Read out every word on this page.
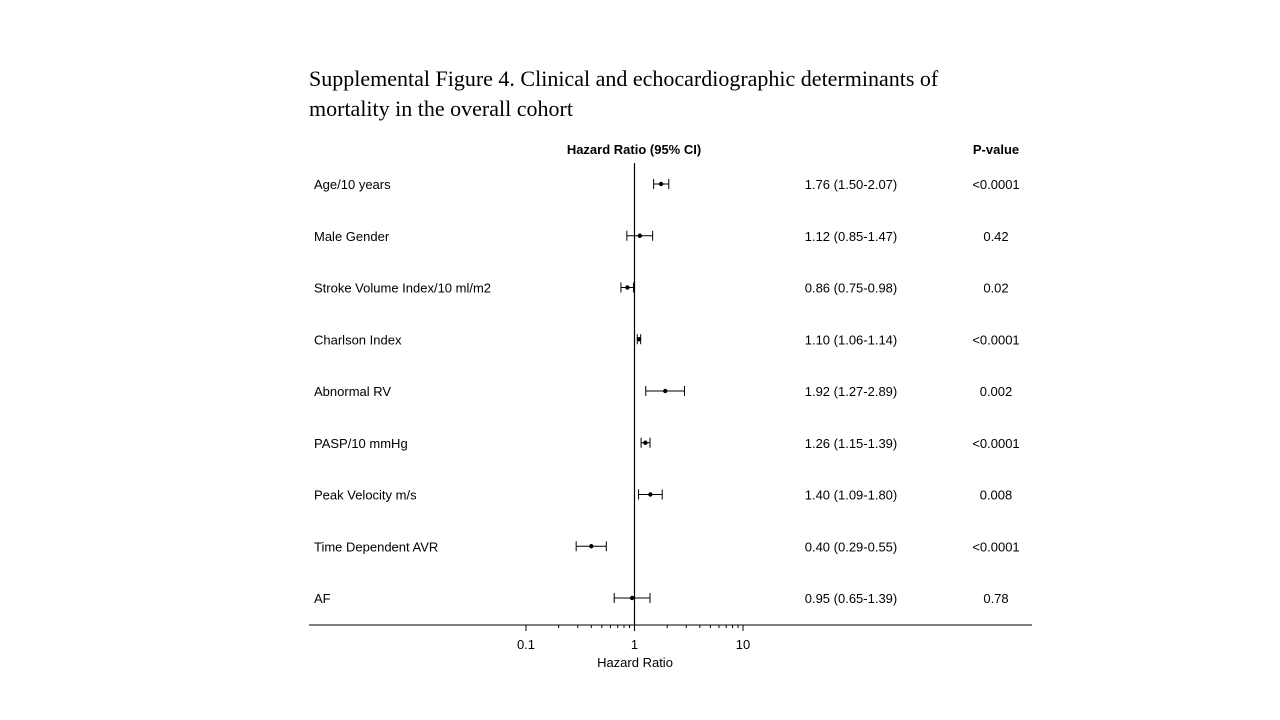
Supplemental Figure 4. Clinical and echocardiographic determinants of
mortality in the overall cohort
Hazard Ratio (95% CI)	P-value
Hazard Ratio
0.1	1	10
Age/10 years	1.76 (1.50-2.07)	<0.0001
Male Gender	1.12 (0.85-1.47)	0.42
Stroke Volume Index/10 ml/m2	0.86 (0.75-0.98)	0.02
Charlson Index	1.10 (1.06-1.14)	<0.0001
Abnormal RV	1.92 (1.27-2.89)	0.002
PASP/10 mmHg	1.26 (1.15-1.39)	<0.0001
Peak Velocity m/s	1.40 (1.09-1.80)	0.008
Time Dependent AVR	0.40 (0.29-0.55)	<0.0001
AF	0.95 (0.65-1.39)	0.78
